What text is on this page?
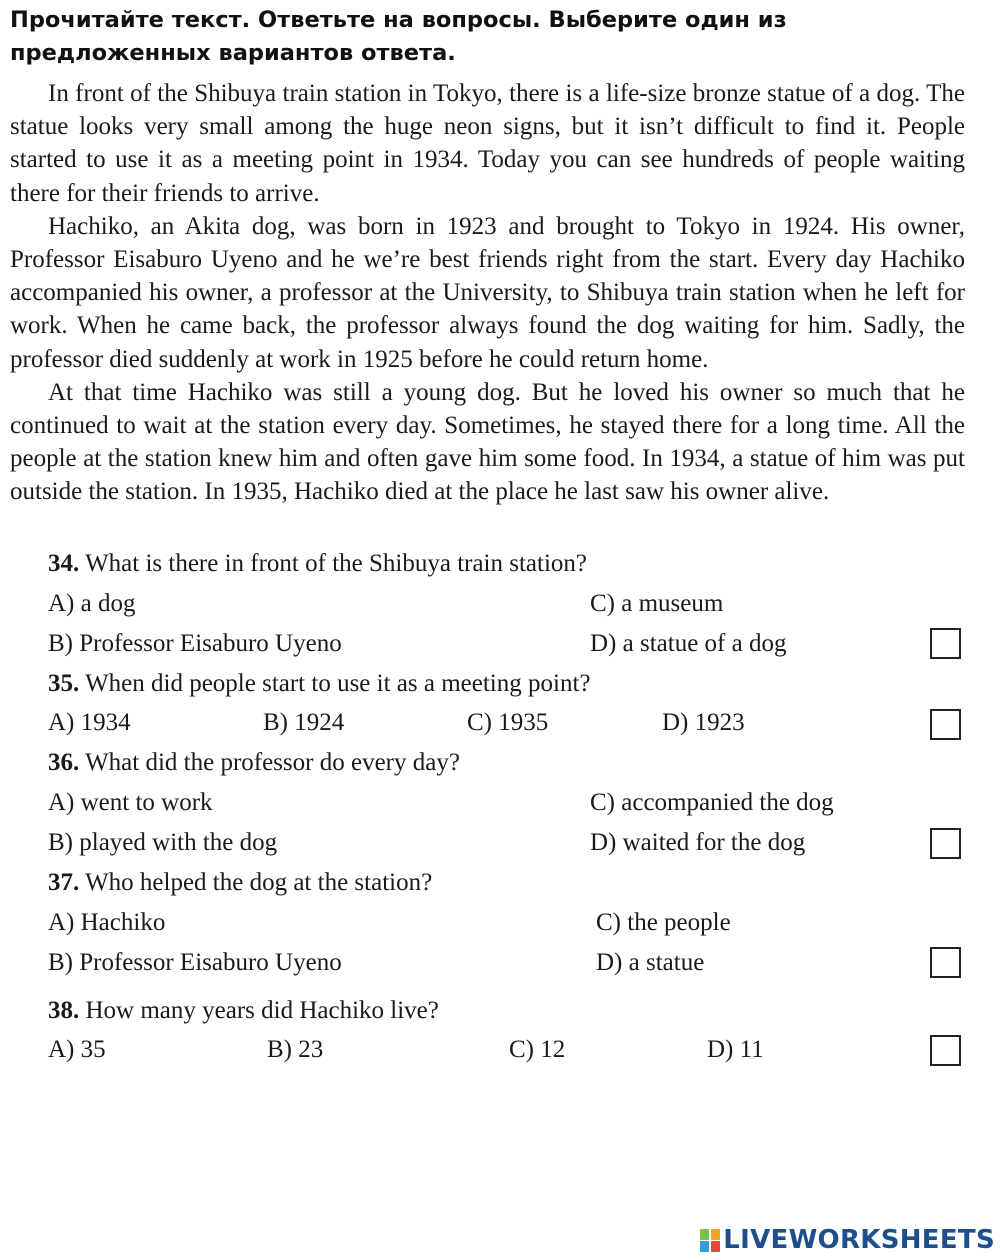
Прочитайте текст. Ответьте на вопросы. Выберите один из предложенных вариантов ответа.

In front of the Shibuya train station in Tokyo, there is a life-size bronze statue of a dog. The statue looks very small among the huge neon signs, but it isn’t difficult to find it. People started to use it as a meeting point in 1934. Today you can see hundreds of people waiting there for their friends to arrive.

Hachiko, an Akita dog, was born in 1923 and brought to Tokyo in 1924. His owner, Professor Eisaburo Uyeno and he we’re best friends right from the start. Every day Hachiko accompanied his owner, a professor at the University, to Shibuya train station when he left for work. When he came back, the professor always found the dog waiting for him. Sadly, the professor died suddenly at work in 1925 before he could return home.

At that time Hachiko was still a young dog. But he loved his owner so much that he continued to wait at the station every day. Sometimes, he stayed there for a long time. All the people at the station knew him and often gave him some food. In 1934, a statue of him was put outside the station. In 1935, Hachiko died at the place he last saw his owner alive.

34. What is there in front of the Shibuya train station?
A) a dog	C) a museum
B) Professor Eisaburo Uyeno	D) a statue of a dog
35. When did people start to use it as a meeting point?
A) 1934	B) 1924	C) 1935	D) 1923
36. What did the professor do every day?
A) went to work	C) accompanied the dog
B) played with the dog	D) waited for the dog
37. Who helped the dog at the station?
A) Hachiko	C) the people
B) Professor Eisaburo Uyeno	D) a statue
38. How many years did Hachiko live?
A) 35	B) 23	C) 12	D) 11
LIVEWORKSHEETS
